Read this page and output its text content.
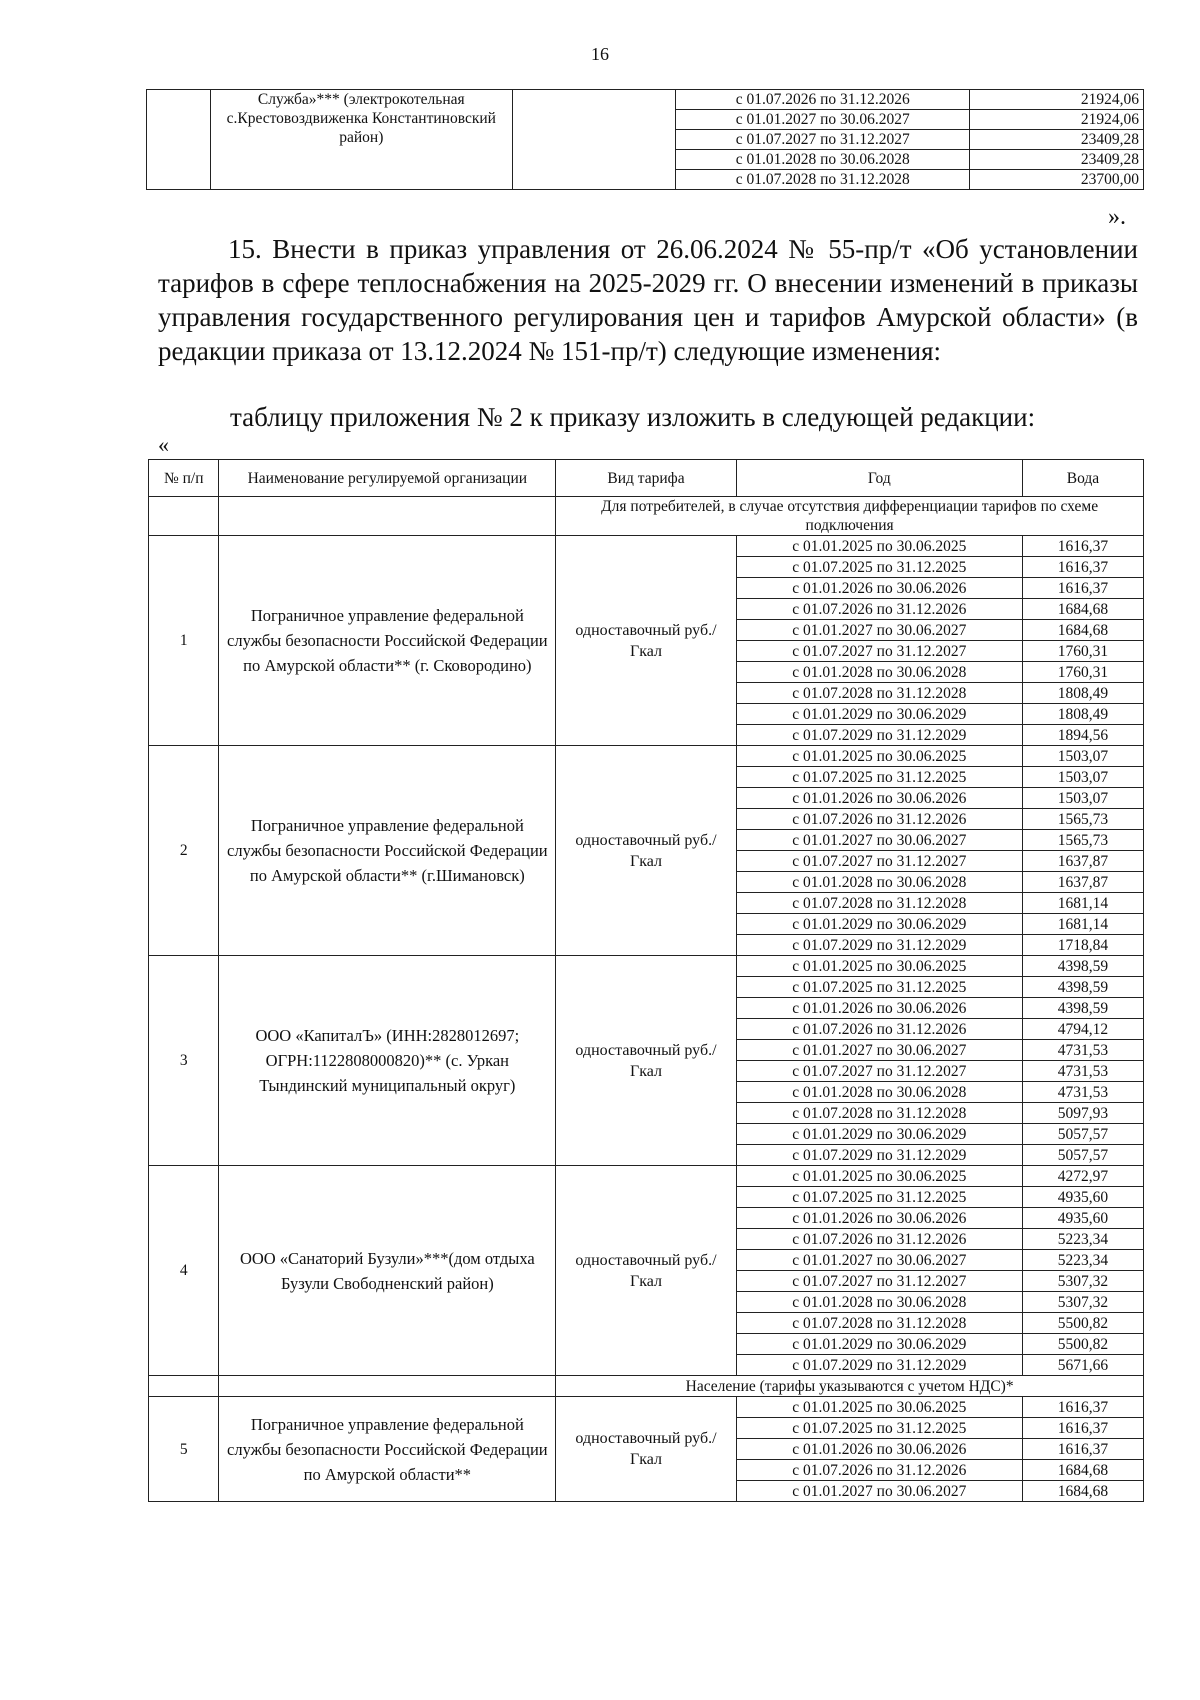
16
	Служба»*** (электрокотельная с.Крестовоздвиженка Константиновский район)		с 01.07.2026 по 31.12.2026	21924,06
			с 01.01.2027 по 30.06.2027	21924,06
			с 01.07.2027 по 31.12.2027	23409,28
			с 01.01.2028 по 30.06.2028	23409,28
			с 01.07.2028 по 31.12.2028	23700,00
».
15. Внести в приказ управления от 26.06.2024 № 55-пр/т «Об установлении тарифов в сфере теплоснабжения на 2025-2029 гг. О внесении изменений в приказы управления государственного регулирования цен и тарифов Амурской области» (в редакции приказа от 13.12.2024 № 151-пр/т) следующие изменения:
таблицу приложения № 2 к приказу изложить в следующей редакции:
«
№ п/п	Наименование регулируемой организации	Вид тарифа	Год	Вода
		Для потребителей, в случае отсутствия дифференциации тарифов по схеме подключения		
1	Пограничное управление федеральной службы безопасности Российской Федерации по Амурской области** (г. Сковородино)	одноставочный руб./Гкал	с 01.01.2025 по 30.06.2025	1616,37
			с 01.07.2025 по 31.12.2025	1616,37
			с 01.01.2026 по 30.06.2026	1616,37
			с 01.07.2026 по 31.12.2026	1684,68
			с 01.01.2027 по 30.06.2027	1684,68
			с 01.07.2027 по 31.12.2027	1760,31
			с 01.01.2028 по 30.06.2028	1760,31
			с 01.07.2028 по 31.12.2028	1808,49
			с 01.01.2029 по 30.06.2029	1808,49
			с 01.07.2029 по 31.12.2029	1894,56
2	Пограничное управление федеральной службы безопасности Российской Федерации по Амурской области** (г.Шимановск)	одноставочный руб./Гкал	с 01.01.2025 по 30.06.2025	1503,07
			с 01.07.2025 по 31.12.2025	1503,07
			с 01.01.2026 по 30.06.2026	1503,07
			с 01.07.2026 по 31.12.2026	1565,73
			с 01.01.2027 по 30.06.2027	1565,73
			с 01.07.2027 по 31.12.2027	1637,87
			с 01.01.2028 по 30.06.2028	1637,87
			с 01.07.2028 по 31.12.2028	1681,14
			с 01.01.2029 по 30.06.2029	1681,14
			с 01.07.2029 по 31.12.2029	1718,84
3	ООО «КапиталЪ» (ИНН:2828012697; ОГРН:1122808000820)** (с. Уркан Тындинский муниципальный округ)	одноставочный руб./Гкал	с 01.01.2025 по 30.06.2025	4398,59
			с 01.07.2025 по 31.12.2025	4398,59
			с 01.01.2026 по 30.06.2026	4398,59
			с 01.07.2026 по 31.12.2026	4794,12
			с 01.01.2027 по 30.06.2027	4731,53
			с 01.07.2027 по 31.12.2027	4731,53
			с 01.01.2028 по 30.06.2028	4731,53
			с 01.07.2028 по 31.12.2028	5097,93
			с 01.01.2029 по 30.06.2029	5057,57
			с 01.07.2029 по 31.12.2029	5057,57
4	ООО «Санаторий Бузули»***(дом отдыха Бузули Свободненский район)	одноставочный руб./Гкал	с 01.01.2025 по 30.06.2025	4272,97
			с 01.07.2025 по 31.12.2025	4935,60
			с 01.01.2026 по 30.06.2026	4935,60
			с 01.07.2026 по 31.12.2026	5223,34
			с 01.01.2027 по 30.06.2027	5223,34
			с 01.07.2027 по 31.12.2027	5307,32
			с 01.01.2028 по 30.06.2028	5307,32
			с 01.07.2028 по 31.12.2028	5500,82
			с 01.01.2029 по 30.06.2029	5500,82
			с 01.07.2029 по 31.12.2029	5671,66
		Население (тарифы указываются с учетом НДС)*		
5	Пограничное управление федеральной службы безопасности Российской Федерации по Амурской области**	одноставочный руб./Гкал	с 01.01.2025 по 30.06.2025	1616,37
			с 01.07.2025 по 31.12.2025	1616,37
			с 01.01.2026 по 30.06.2026	1616,37
			с 01.07.2026 по 31.12.2026	1684,68
			с 01.01.2027 по 30.06.2027	1684,68
